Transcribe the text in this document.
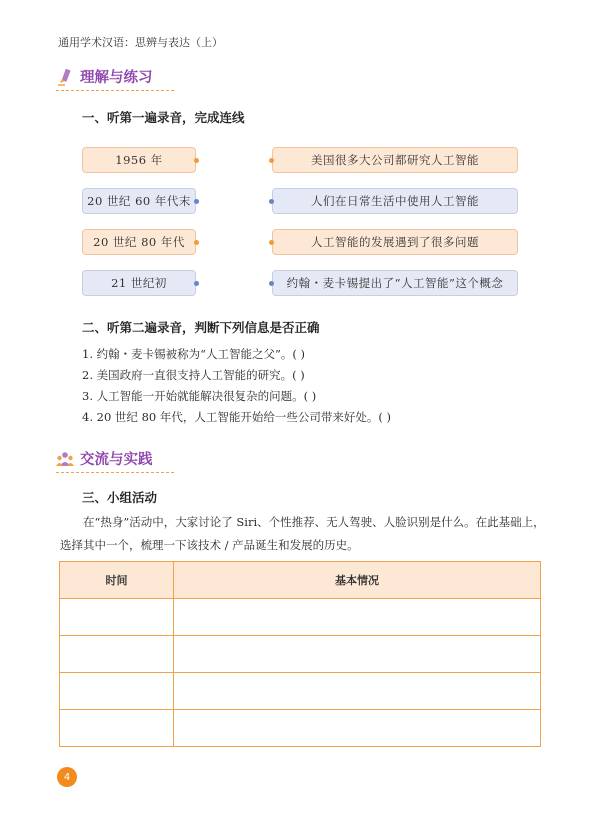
通用学术汉语：思辨与表达（上）
理解与练习
一、听第一遍录音，完成连线
1956 年
20 世纪 60 年代末
20 世纪 80 年代
21 世纪初
美国很多大公司都研究人工智能
人们在日常生活中使用人工智能
人工智能的发展遇到了很多问题
约翰・麦卡锡提出了“人工智能”这个概念
二、听第二遍录音，判断下列信息是否正确
1. 约翰・麦卡锡被称为“人工智能之父”。( )
2. 美国政府一直很支持人工智能的研究。( )
3. 人工智能一开始就能解决很复杂的问题。( )
4. 20 世纪 80 年代，人工智能开始给一些公司带来好处。( )
交流与实践
三、小组活动
在“热身”活动中，大家讨论了 Siri、个性推荐、无人驾驶、人脸识别是什么。在此基础上，选择其中一个，梳理一下该技术 / 产品诞生和发展的历史。
时间	基本情况

4
